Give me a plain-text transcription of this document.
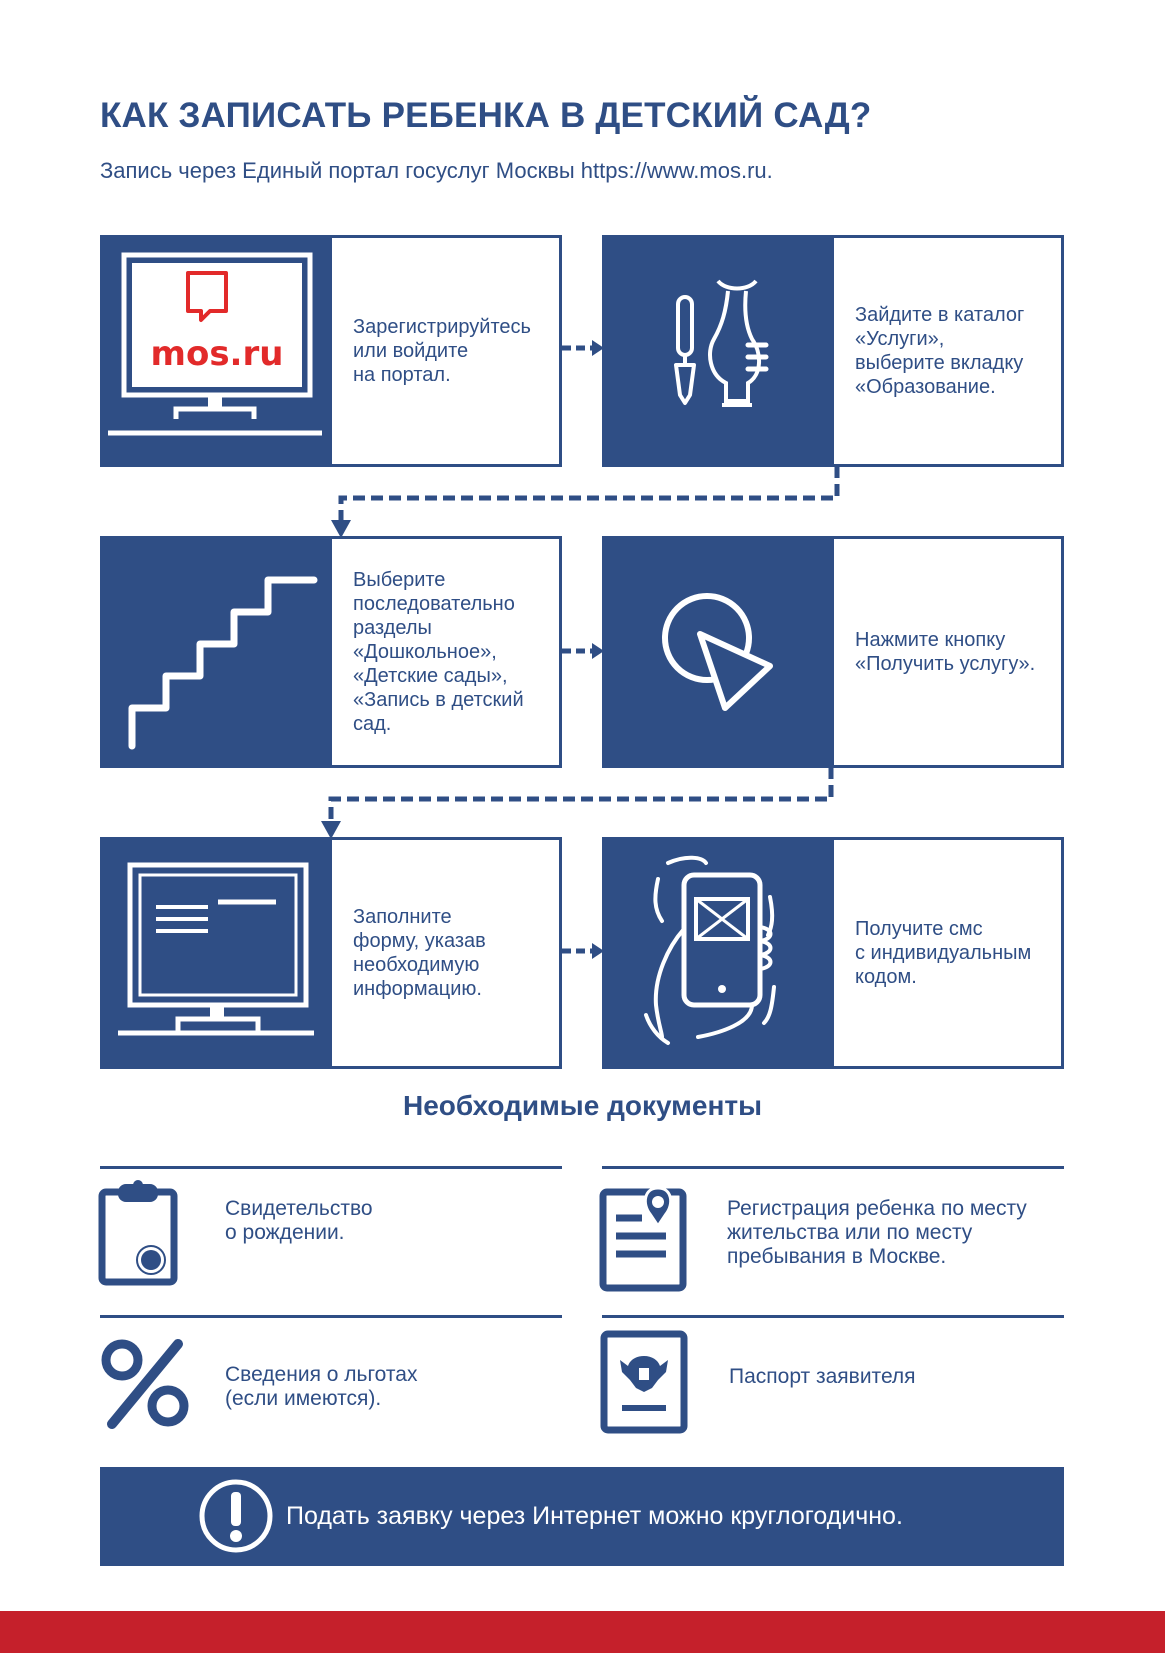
КАК ЗАПИСАТЬ РЕБЕНКА В ДЕТСКИЙ САД?
Запись через Единый портал госуслуг Москвы https://www.mos.ru.
mos.ru
Зарегистрируйтесь
или войдите
на портал.
Зайдите в каталог
«Услуги»,
выберите вкладку
«Образование.
Выберите
последовательно
разделы
«Дошкольное»,
«Детские сады»,
«Запись в детский
сад.
Нажмите кнопку
«Получить услугу».
Заполните
форму, указав
необходимую
информацию.
Получите смс
с индивидуальным
кодом.
Необходимые документы
Свидетельство
о рождении.
Регистрация ребенка по месту
жительства или по месту
пребывания в Москве.
Сведения о льготах
(если имеются).
Паспорт заявителя
Подать заявку через Интернет можно круглогодично.
